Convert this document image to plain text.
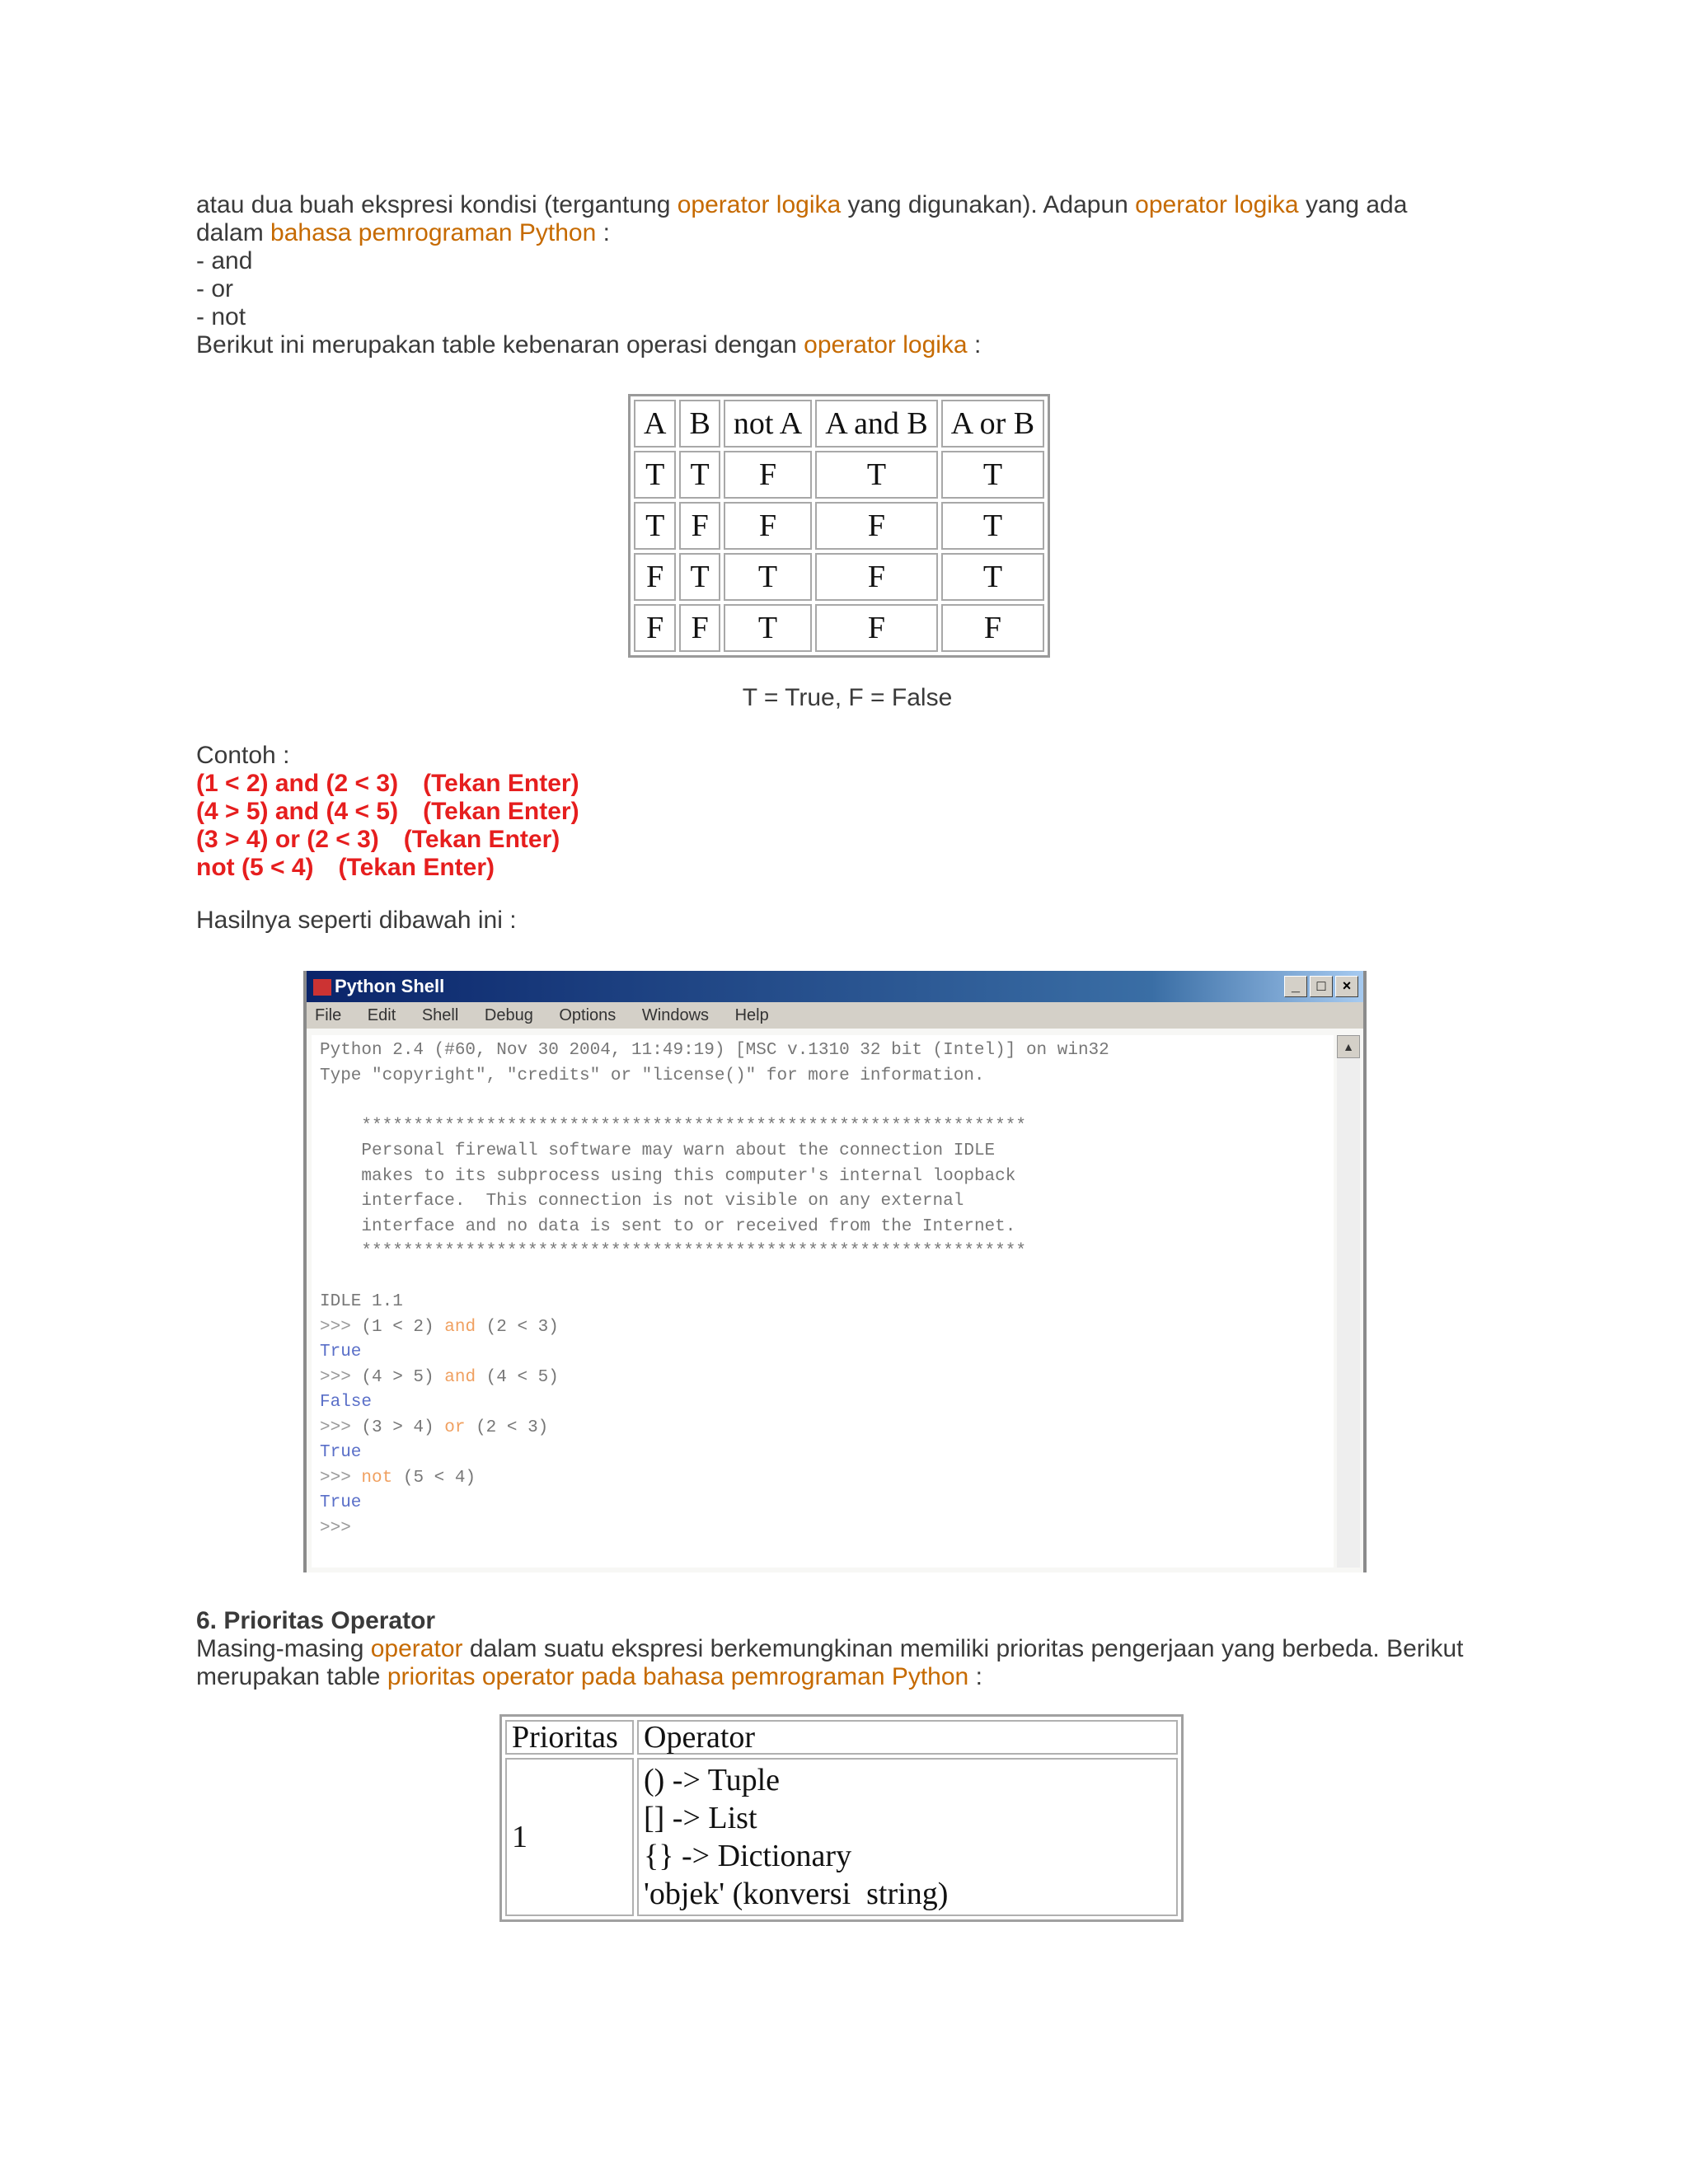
atau dua buah ekspresi kondisi (tergantung operator logika yang digunakan). Adapun operator logika yang ada

dalam bahasa pemrograman Python :

- and

- or

- not

Berikut ini merupakan table kebenaran operasi dengan operator logika :

A	B	not A	A and B	A or B
T	T	F	T	T
T	F	F	F	T
F	T	T	F	T
F	F	T	F	F
T = True, F = False

Contoh :

(1 < 2) and (2 < 3) (Tekan Enter)

(4 > 5) and (4 < 5) (Tekan Enter)

(3 > 4) or (2 < 3) (Tekan Enter)

not (5 < 4) (Tekan Enter)

Hasilnya seperti dibawah ini :

Python Shell	_	□	×
File Edit Shell Debug Options Windows Help
Python 2.4 (#60, Nov 30 2004, 11:49:19) [MSC v.1310 32 bit (Intel)] on win32
Type "copyright", "credits" or "license()" for more information.

****************************************************************
Personal firewall software may warn about the connection IDLE
makes to its subprocess using this computer's internal loopback
interface.  This connection is not visible on any external
interface and no data is sent to or received from the Internet.
****************************************************************

IDLE 1.1
>>> (1 < 2) and (2 < 3)
True
>>> (4 > 5) and (4 < 5)
False
>>> (3 > 4) or (2 < 3)
True
>>> not (5 < 4)
True
>>>
▲

6. Prioritas Operator

Masing-masing operator dalam suatu ekspresi berkemungkinan memiliki prioritas pengerjaan yang berbeda. Berikut

merupakan table prioritas operator pada bahasa pemrograman Python :

Prioritas	Operator
1	() -> Tuple
[] -> List
{} -> Dictionary
'objek' (konversi  string)
